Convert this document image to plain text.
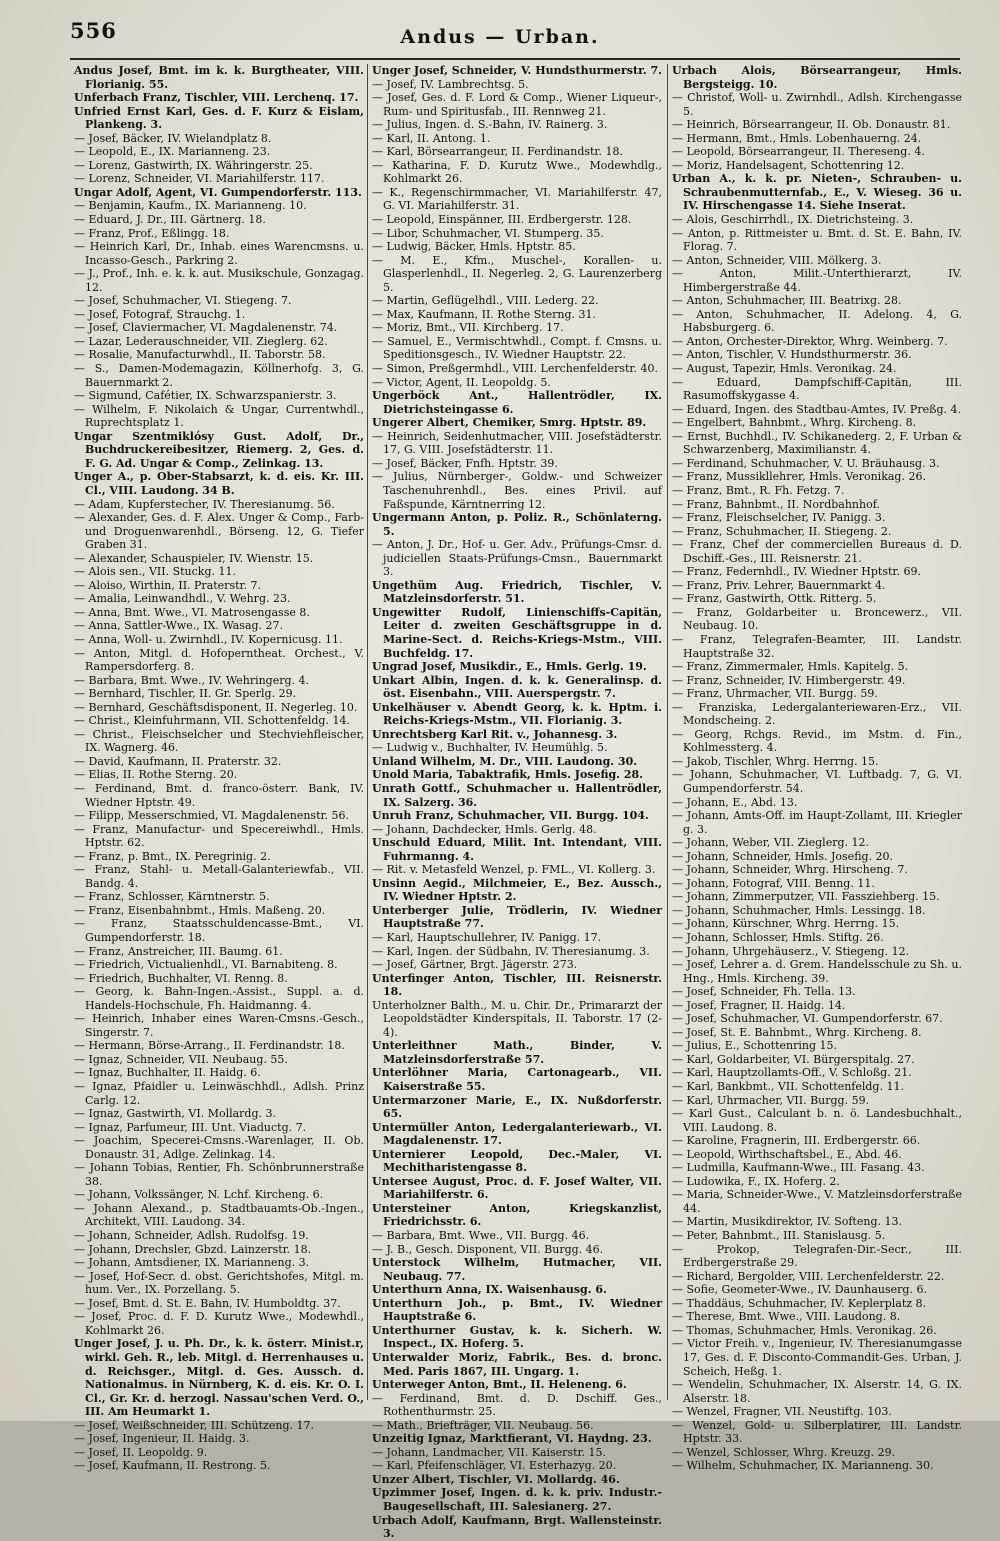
556	Andus — Urban.

Andus Josef, Bmt. im k. k. Burgtheater, VIII. Florianig. 55.

Unferbach Franz, Tischler, VIII. Lerchenq. 17.

Unfried Ernst Karl, Ges. d. F. Kurz & Eislam, Plankeng. 3.

— Josef, Bäcker, IV. Wielandplatz 8.

— Leopold, E., IX. Marianneng. 23.

— Lorenz, Gastwirth, IX. Währingerstr. 25.

— Lorenz, Schneider, VI. Mariahilferstr. 117.

Ungar Adolf, Agent, VI. Gumpendorferstr. 113.

— Benjamin, Kaufm., IX. Marianneng. 10.

— Eduard, J. Dr., III. Gärtnerg. 18.

— Franz, Prof., Eßlingg. 18.

— Heinrich Karl, Dr., Inhab. eines Warencmsns. u. Incasso-Gesch., Parkring 2.

— J., Prof., Inh. e. k. k. aut. Musikschule, Gonzagag. 12.

— Josef, Schuhmacher, VI. Stiegeng. 7.

— Josef, Fotograf, Strauchg. 1.

— Josef, Claviermacher, VI. Magdalenenstr. 74.

— Lazar, Lederauschneider, VII. Zieglerg. 62.

— Rosalie, Manufacturwhdl., II. Taborstr. 58.

— S., Damen-Modemagazin, Köllnerhofg. 3, G. Bauernmarkt 2.

— Sigmund, Cafétier, IX. Schwarzspanierstr. 3.

— Wilhelm, F. Nikolaich & Ungar, Currentwhdl., Ruprechtsplatz 1.

Ungar Szentmiklósy Gust. Adolf, Dr., Buchdruckereibesitzer, Riemerg. 2, Ges. d. F. G. Ad. Ungar & Comp., Zelinkag. 13.

Unger A., p. Ober-Stabsarzt, k. d. eis. Kr. III. Cl., VIII. Laudong. 34 B.

— Adam, Kupferstecher, IV. Theresianumg. 56.

— Alexander, Ges. d. F. Alex. Unger & Comp., Farb- und Droguenwarenhdl., Börseng. 12, G. Tiefer Graben 31.

— Alexander, Schauspieler, IV. Wienstr. 15.

— Alois sen., VII. Stuckg. 11.

— Aloiso, Wirthin, II. Praterstr. 7.

— Amalia, Leinwandhdl., V. Wehrg. 23.

— Anna, Bmt. Wwe., VI. Matrosengasse 8.

— Anna, Sattler-Wwe., IX. Wasag. 27.

— Anna, Woll- u. Zwirnhdl., IV. Kopernicusg. 11.

— Anton, Mitgl. d. Hofoperntheat. Orchest., V. Rampersdorferg. 8.

— Barbara, Bmt. Wwe., IV. Wehringerg. 4.

— Bernhard, Tischler, II. Gr. Sperlg. 29.

— Bernhard, Geschäftsdisponent, II. Negerleg. 10.

— Christ., Kleinfuhrmann, VII. Schottenfeldg. 14.

— Christ., Fleischselcher und Stechviehfleischer, IX. Wagnerg. 46.

— David, Kaufmann, II. Praterstr. 32.

— Elias, II. Rothe Sterng. 20.

— Ferdinand, Bmt. d. franco-österr. Bank, IV. Wiedner Hptstr. 49.

— Filipp, Messerschmied, VI. Magdalenenstr. 56.

— Franz, Manufactur- und Specereiwhdl., Hmls. Hptstr. 62.

— Franz, p. Bmt., IX. Peregrinig. 2.

— Franz, Stahl- u. Metall-Galanteriewfab., VII. Bandg. 4.

— Franz, Schlosser, Kärntnerstr. 5.

— Franz, Eisenbahnbmt., Hmls. Maßeng. 20.

— Franz, Staatsschuldencasse-Bmt., VI. Gumpendorferstr. 18.

— Franz, Anstreicher, III. Baumg. 61.

— Friedrich, Victualienhdl., VI. Barnabiteng. 8.

— Friedrich, Buchhalter, VI. Renng. 8.

— Georg, k. Bahn-Ingen.-Assist., Suppl. a. d. Handels-Hochschule, Fh. Haidmanng. 4.

— Heinrich, Inhaber eines Waren-Cmsns.-Gesch., Singerstr. 7.

— Hermann, Börse-Arrang., II. Ferdinandstr. 18.

— Ignaz, Schneider, VII. Neubaug. 55.

— Ignaz, Buchhalter, II. Haidg. 6.

— Ignaz, Pfaidler u. Leinwäschhdl., Adlsh. Prinz Carlg. 12.

— Ignaz, Gastwirth, VI. Mollardg. 3.

— Ignaz, Parfumeur, III. Unt. Viaductg. 7.

— Joachim, Specerei-Cmsns.-Warenlager, II. Ob. Donaustr. 31, Adlge. Zelinkag. 14.

— Johann Tobias, Rentier, Fh. Schönbrunnerstraße 38.

— Johann, Volkssänger, N. Lchf. Kircheng. 6.

— Johann Alexand., p. Stadtbauamts-Ob.-Ingen., Architekt, VIII. Laudong. 34.

— Johann, Schneider, Adlsh. Rudolfsg. 19.

— Johann, Drechsler, Gbzd. Lainzerstr. 18.

— Johann, Amtsdiener, IX. Marianneng. 3.

— Josef, Hof-Secr. d. obst. Gerichtshofes, Mitgl. m. hum. Ver., IX. Porzellang. 5.

— Josef, Bmt. d. St. E. Bahn, IV. Humboldtg. 37.

— Josef, Proc. d. F. D. Kurutz Wwe., Modewhdl., Kohlmarkt 26.

Unger Josef, J. u. Ph. Dr., k. k. österr. Minist.r, wirkl. Geh. R., leb. Mitgl. d. Herrenhauses u. d. Reichsger., Mitgl. d. Ges. Aussch. d. Nationalmus. in Nürnberg, K. d. eis. Kr. O. I. Cl., Gr. Kr. d. herzogl. Nassau'schen Verd. O., III. Am Heumarkt 1.

— Josef, Weißschneider, III. Schützeng. 17.

— Josef, Ingenieur, II. Haidg. 3.

— Josef, II. Leopoldg. 9.

— Josef, Kaufmann, II. Restrong. 5.

Unger Josef, Schneider, V. Hundsthurmerstr. 7.

— Josef, IV. Lambrechtsg. 5.

— Josef, Ges. d. F. Lord & Comp., Wiener Liqueur-, Rum- und Spiritusfab., III. Rennweg 21.

— Julius, Ingen. d. S.-Bahn, IV. Rainerg. 3.

— Karl, II. Antong. 1.

— Karl, Börsearrangeur, II. Ferdinandstr. 18.

— Katharina, F. D. Kurutz Wwe., Modewhdlg., Kohlmarkt 26.

— K., Regenschirmmacher, VI. Mariahilferstr. 47, G. VI. Mariahilferstr. 31.

— Leopold, Einspänner, III. Erdbergerstr. 128.

— Libor, Schuhmacher, VI. Stumperg. 35.

— Ludwig, Bäcker, Hmls. Hptstr. 85.

— M. E., Kfm., Muschel-, Korallen- u. Glasperlenhdl., II. Negerleg. 2, G. Laurenzerberg 5.

— Martin, Geflügelhdl., VIII. Lederg. 22.

— Max, Kaufmann, II. Rothe Sterng. 31.

— Moriz, Bmt., VII. Kirchberg. 17.

— Samuel, E., Vermischtwhdl., Compt. f. Cmsns. u. Speditionsgesch., IV. Wiedner Hauptstr. 22.

— Simon, Preßgermhdl., VIII. Lerchenfelderstr. 40.

— Victor, Agent, II. Leopoldg. 5.

Ungerböck Ant., Hallentrödler, IX. Dietrichsteingasse 6.

Ungerer Albert, Chemiker, Smrg. Hptstr. 89.

— Heinrich, Seidenhutmacher, VIII. Josefstädterstr. 17, G. VIII. Josefstädterstr. 11.

— Josef, Bäcker, Fnfh. Hptstr. 39.

— Julius, Nürnberger-, Goldw.- und Schweizer Taschenuhrenhdl., Bes. eines Privil. auf Faßspunde, Kärntnerring 12.

Ungermann Anton, p. Poliz. R., Schönlaterng. 5.

— Anton, J. Dr., Hof- u. Ger. Adv., Prüfungs-Cmsr. d. judiciellen Staats-Prüfungs-Cmsn., Bauernmarkt 3.

Ungethüm Aug. Friedrich, Tischler, V. Matzleinsdorferstr. 51.

Ungewitter Rudolf, Linienschiffs-Capitän, Leiter d. zweiten Geschäftsgruppe in d. Marine-Sect. d. Reichs-Kriegs-Mstm., VIII. Buchfeldg. 17.

Ungrad Josef, Musikdir., E., Hmls. Gerlg. 19.

Unkart Albin, Ingen. d. k. k. Generalinsp. d. öst. Eisenbahn., VIII. Auerspergstr. 7.

Unkelhäuser v. Abendt Georg, k. k. Hptm. i. Reichs-Kriegs-Mstm., VII. Florianig. 3.

Unrechtsberg Karl Rit. v., Johannesg. 3.

— Ludwig v., Buchhalter, IV. Heumühlg. 5.

Unland Wilhelm, M. Dr., VIII. Laudong. 30.

Unold Maria, Tabaktrafik, Hmls. Josefig. 28.

Unrath Gottf., Schuhmacher u. Hallentrödler, IX. Salzerg. 36.

Unruh Franz, Schuhmacher, VII. Burgg. 104.

— Johann, Dachdecker, Hmls. Gerlg. 48.

Unschuld Eduard, Milit. Int. Intendant, VIII. Fuhrmanng. 4.

— Rit. v. Metasfeld Wenzel, p. FML., VI. Kollerg. 3.

Unsinn Aegid., Milchmeier, E., Bez. Aussch., IV. Wiedner Hptstr. 2.

Unterberger Julie, Trödlerin, IV. Wiedner Hauptstraße 77.

— Karl, Hauptschullehrer, IV. Panigg. 17.

— Karl, Ingen. der Südbahn, IV. Theresianumg. 3.

— Josef, Gärtner, Brgt. Jägerstr. 273.

Unterfinger Anton, Tischler, III. Reisnerstr. 18.

Unterholzner Balth., M. u. Chir. Dr., Primararzt der Leopoldstädter Kinderspitals, II. Taborstr. 17 (2-4).

Unterleithner Math., Binder, V. Matzleinsdorferstraße 57.

Unterlöhner Maria, Cartonagearb., VII. Kaiserstraße 55.

Untermarzoner Marie, E., IX. Nußdorferstr. 65.

Untermüller Anton, Ledergalanteriewarb., VI. Magdalenenstr. 17.

Unternierer Leopold, Dec.-Maler, VI. Mechitharistengasse 8.

Untersee August, Proc. d. F. Josef Walter, VII. Mariahilferstr. 6.

Untersteiner Anton, Kriegskanzlist, Friedrichsstr. 6.

— Barbara, Bmt. Wwe., VII. Burgg. 46.

— J. B., Gesch. Disponent, VII. Burgg. 46.

Unterstock Wilhelm, Hutmacher, VII. Neubaug. 77.

Unterthurn Anna, IX. Waisenhausg. 6.

Unterthurn Joh., p. Bmt., IV. Wiedner Hauptstraße 6.

Unterthurner Gustav, k. k. Sicherh. W. Inspect., IX. Hoferg. 5.

Unterwalder Moriz, Fabrik., Bes. d. bronc. Med. Paris 1867, III. Ungarg. 1.

Unterweger Anton, Bmt., II. Heleneng. 6.

— Ferdinand, Bmt. d. D. Dschiff. Ges., Rothenthurmstr. 25.

— Math., Briefträger, VII. Neubaug. 56.

Unzeitig Ignaz, Marktfierant, VI. Haydng. 23.

— Johann, Landmacher, VII. Kaiserstr. 15.

— Karl, Pfeifenschläger, VI. Esterhazyg. 20.

Unzer Albert, Tischler, VI. Mollardg. 46.

Upzimmer Josef, Ingen. d. k. k. priv. Industr.-Baugesellschaft, III. Salesianerg. 27.

Urbach Adolf, Kaufmann, Brgt. Wallensteinstr. 3.

Urbach Alois, Börsearrangeur, Hmls. Bergsteigg. 10.

— Christof, Woll- u. Zwirnhdl., Adlsh. Kirchengasse 5.

— Heinrich, Börsearrangeur, II. Ob. Donaustr. 81.

— Hermann, Bmt., Hmls. Lobenhauerng. 24.

— Leopold, Börsearrangeur, II. Thereseng. 4.

— Moriz, Handelsagent, Schottenring 12.

Urban A., k. k. pr. Nieten-, Schrauben- u. Schraubenmutternfab., E., V. Wieseg. 36 u. IV. Hirschengasse 14. Siehe Inserat.

— Alois, Geschirrhdl., IX. Dietrichsteing. 3.

— Anton, p. Rittmeister u. Bmt. d. St. E. Bahn, IV. Florag. 7.

— Anton, Schneider, VIII. Mölkerg. 3.

— Anton, Milit.-Unterthierarzt, IV. Himbergerstraße 44.

— Anton, Schuhmacher, III. Beatrixg. 28.

— Anton, Schuhmacher, II. Adelong. 4, G. Habsburgerg. 6.

— Anton, Orchester-Direktor, Whrg. Weinberg. 7.

— Anton, Tischler, V. Hundsthurmerstr. 36.

— August, Tapezir, Hmls. Veronikag. 24.

— Eduard, Dampfschiff-Capitän, III. Rasumoffskygasse 4.

— Eduard, Ingen. des Stadtbau-Amtes, IV. Preßg. 4.

— Engelbert, Bahnbmt., Whrg. Kircheng. 8.

— Ernst, Buchhdl., IV. Schikanederg. 2, F. Urban & Schwarzenberg, Maximilianstr. 4.

— Ferdinand, Schuhmacher, V. U. Bräuhausg. 3.

— Franz, Mussikllehrer, Hmls. Veronikag. 26.

— Franz, Bmt., R. Fh. Fetzg. 7.

— Franz, Bahnbmt., II. Nordbahnhof.

— Franz, Fleischselcher, IV. Panigg. 3.

— Franz, Schuhmacher, II. Stiegeng. 2.

— Franz, Chef der commerciellen Bureaus d. D. Dschiff.-Ges., III. Reisnerstr. 21.

— Franz, Federnhdl., IV. Wiedner Hptstr. 69.

— Franz, Priv. Lehrer, Bauernmarkt 4.

— Franz, Gastwirth, Ottk. Ritterg. 5.

— Franz, Goldarbeiter u. Broncewerz., VII. Neubaug. 10.

— Franz, Telegrafen-Beamter, III. Landstr. Hauptstraße 32.

— Franz, Zimmermaler, Hmls. Kapitelg. 5.

— Franz, Schneider, IV. Himbergerstr. 49.

— Franz, Uhrmacher, VII. Burgg. 59.

— Franziska, Ledergalanteriewaren-Erz., VII. Mondscheing. 2.

— Georg, Rchgs. Revid., im Mstm. d. Fin., Kohlmessterg. 4.

— Jakob, Tischler, Whrg. Herrng. 15.

— Johann, Schuhmacher, VI. Luftbadg. 7, G. VI. Gumpendorferstr. 54.

— Johann, E., Abd. 13.

— Johann, Amts-Off. im Haupt-Zollamt, III. Kriegler g. 3.

— Johann, Weber, VII. Zieglerg. 12.

— Johann, Schneider, Hmls. Josefig. 20.

— Johann, Schneider, Whrg. Hirscheng. 7.

— Johann, Fotograf, VIII. Benng. 11.

— Johann, Zimmerputzer, VII. Fassziehberg. 15.

— Johann, Schuhmacher, Hmls. Lessingg. 18.

— Johann, Kürschner, Whrg. Herrng. 15.

— Johann, Schlosser, Hmls. Stiftg. 26.

— Johann, Uhrgehäuserz., V. Stiegeng. 12.

— Josef, Lehrer a. d. Grem. Handelsschule zu Sh. u. Hng., Hmls. Kircheng. 39.

— Josef, Schneider, Fh. Tella. 13.

— Josef, Fragner, II. Haidg. 14.

— Josef, Schuhmacher, VI. Gumpendorferstr. 67.

— Josef, St. E. Bahnbmt., Whrg. Kircheng. 8.

— Julius, E., Schottenring 15.

— Karl, Goldarbeiter, VI. Bürgerspitalg. 27.

— Karl, Hauptzollamts-Off., V. Schloßg. 21.

— Karl, Bankbmt., VII. Schottenfeldg. 11.

— Karl, Uhrmacher, VII. Burgg. 59.

— Karl Gust., Calculant b. n. ö. Landesbuchhalt., VIII. Laudong. 8.

— Karoline, Fragnerin, III. Erdbergerstr. 66.

— Leopold, Wirthschaftsbel., E., Abd. 46.

— Ludmilla, Kaufmann-Wwe., III. Fasang. 43.

— Ludowika, F., IX. Hoferg. 2.

— Maria, Schneider-Wwe., V. Matzleinsdorferstraße 44.

— Martin, Musikdirektor, IV. Softeng. 13.

— Peter, Bahnbmt., III. Stanislausg. 5.

— Prokop, Telegrafen-Dir.-Secr., III. Erdbergerstraße 29.

— Richard, Bergolder, VIII. Lerchenfelderstr. 22.

— Sofie, Geometer-Wwe., IV. Daunhauserg. 6.

— Thaddäus, Schuhmacher, IV. Keplerplatz 8.

— Therese, Bmt. Wwe., VIII. Laudong. 8.

— Thomas, Schuhmacher, Hmls. Veronikag. 26.

— Victor Freih. v., Ingenieur, IV. Theresianumgasse 17, Ges. d. F. Disconto-Commandit-Ges. Urban, J. Scheich, Heßg. 1.

— Wendelin, Schuhmacher, IX. Alserstr. 14, G. IX. Alserstr. 18.

— Wenzel, Fragner, VII. Neustiftg. 103.

— Wenzel, Gold- u. Silberplatirer, III. Landstr. Hptstr. 33.

— Wenzel, Schlosser, Whrg. Kreuzg. 29.

— Wilhelm, Schuhmacher, IX. Marianneng. 30.
